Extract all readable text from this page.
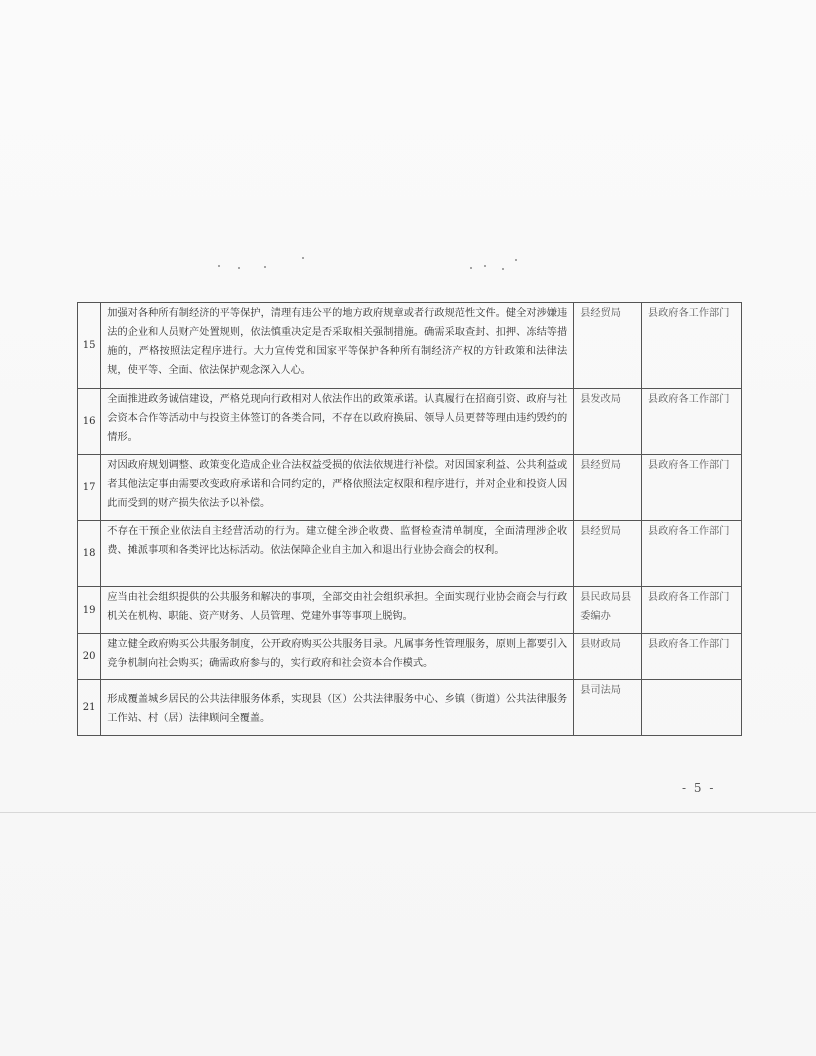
15	加强对各种所有制经济的平等保护，清理有违公平的地方政府规章或者行政规范性文件。健全对涉嫌违法的企业和人员财产处置规则，依法慎重决定是否采取相关强制措施。确需采取查封、扣押、冻结等措施的，严格按照法定程序进行。大力宣传党和国家平等保护各种所有制经济产权的方针政策和法律法规，使平等、全面、依法保护观念深入人心。	县经贸局	县政府各工作部门
16	全面推进政务诚信建设，严格兑现向行政相对人依法作出的政策承诺。认真履行在招商引资、政府与社会资本合作等活动中与投资主体签订的各类合同，不存在以政府换届、领导人员更替等理由违约毁约的情形。	县发改局	县政府各工作部门
17	对因政府规划调整、政策变化造成企业合法权益受损的依法依规进行补偿。对因国家利益、公共利益或者其他法定事由需要改变政府承诺和合同约定的，严格依照法定权限和程序进行，并对企业和投资人因此而受到的财产损失依法予以补偿。	县经贸局	县政府各工作部门
18	不存在干预企业依法自主经营活动的行为。建立健全涉企收费、监督检查清单制度，全面清理涉企收费、摊派事项和各类评比达标活动。依法保障企业自主加入和退出行业协会商会的权利。	县经贸局	县政府各工作部门
19	应当由社会组织提供的公共服务和解决的事项，全部交由社会组织承担。全面实现行业协会商会与行政机关在机构、职能、资产财务、人员管理、党建外事等事项上脱钩。	县民政局县委编办	县政府各工作部门
20	建立健全政府购买公共服务制度，公开政府购买公共服务目录。凡属事务性管理服务，原则上都要引入竞争机制向社会购买；确需政府参与的，实行政府和社会资本合作模式。	县财政局	县政府各工作部门
21	形成覆盖城乡居民的公共法律服务体系，实现县（区）公共法律服务中心、乡镇（街道）公共法律服务工作站、村（居）法律顾问全覆盖。	县司法局	
- 5 -
